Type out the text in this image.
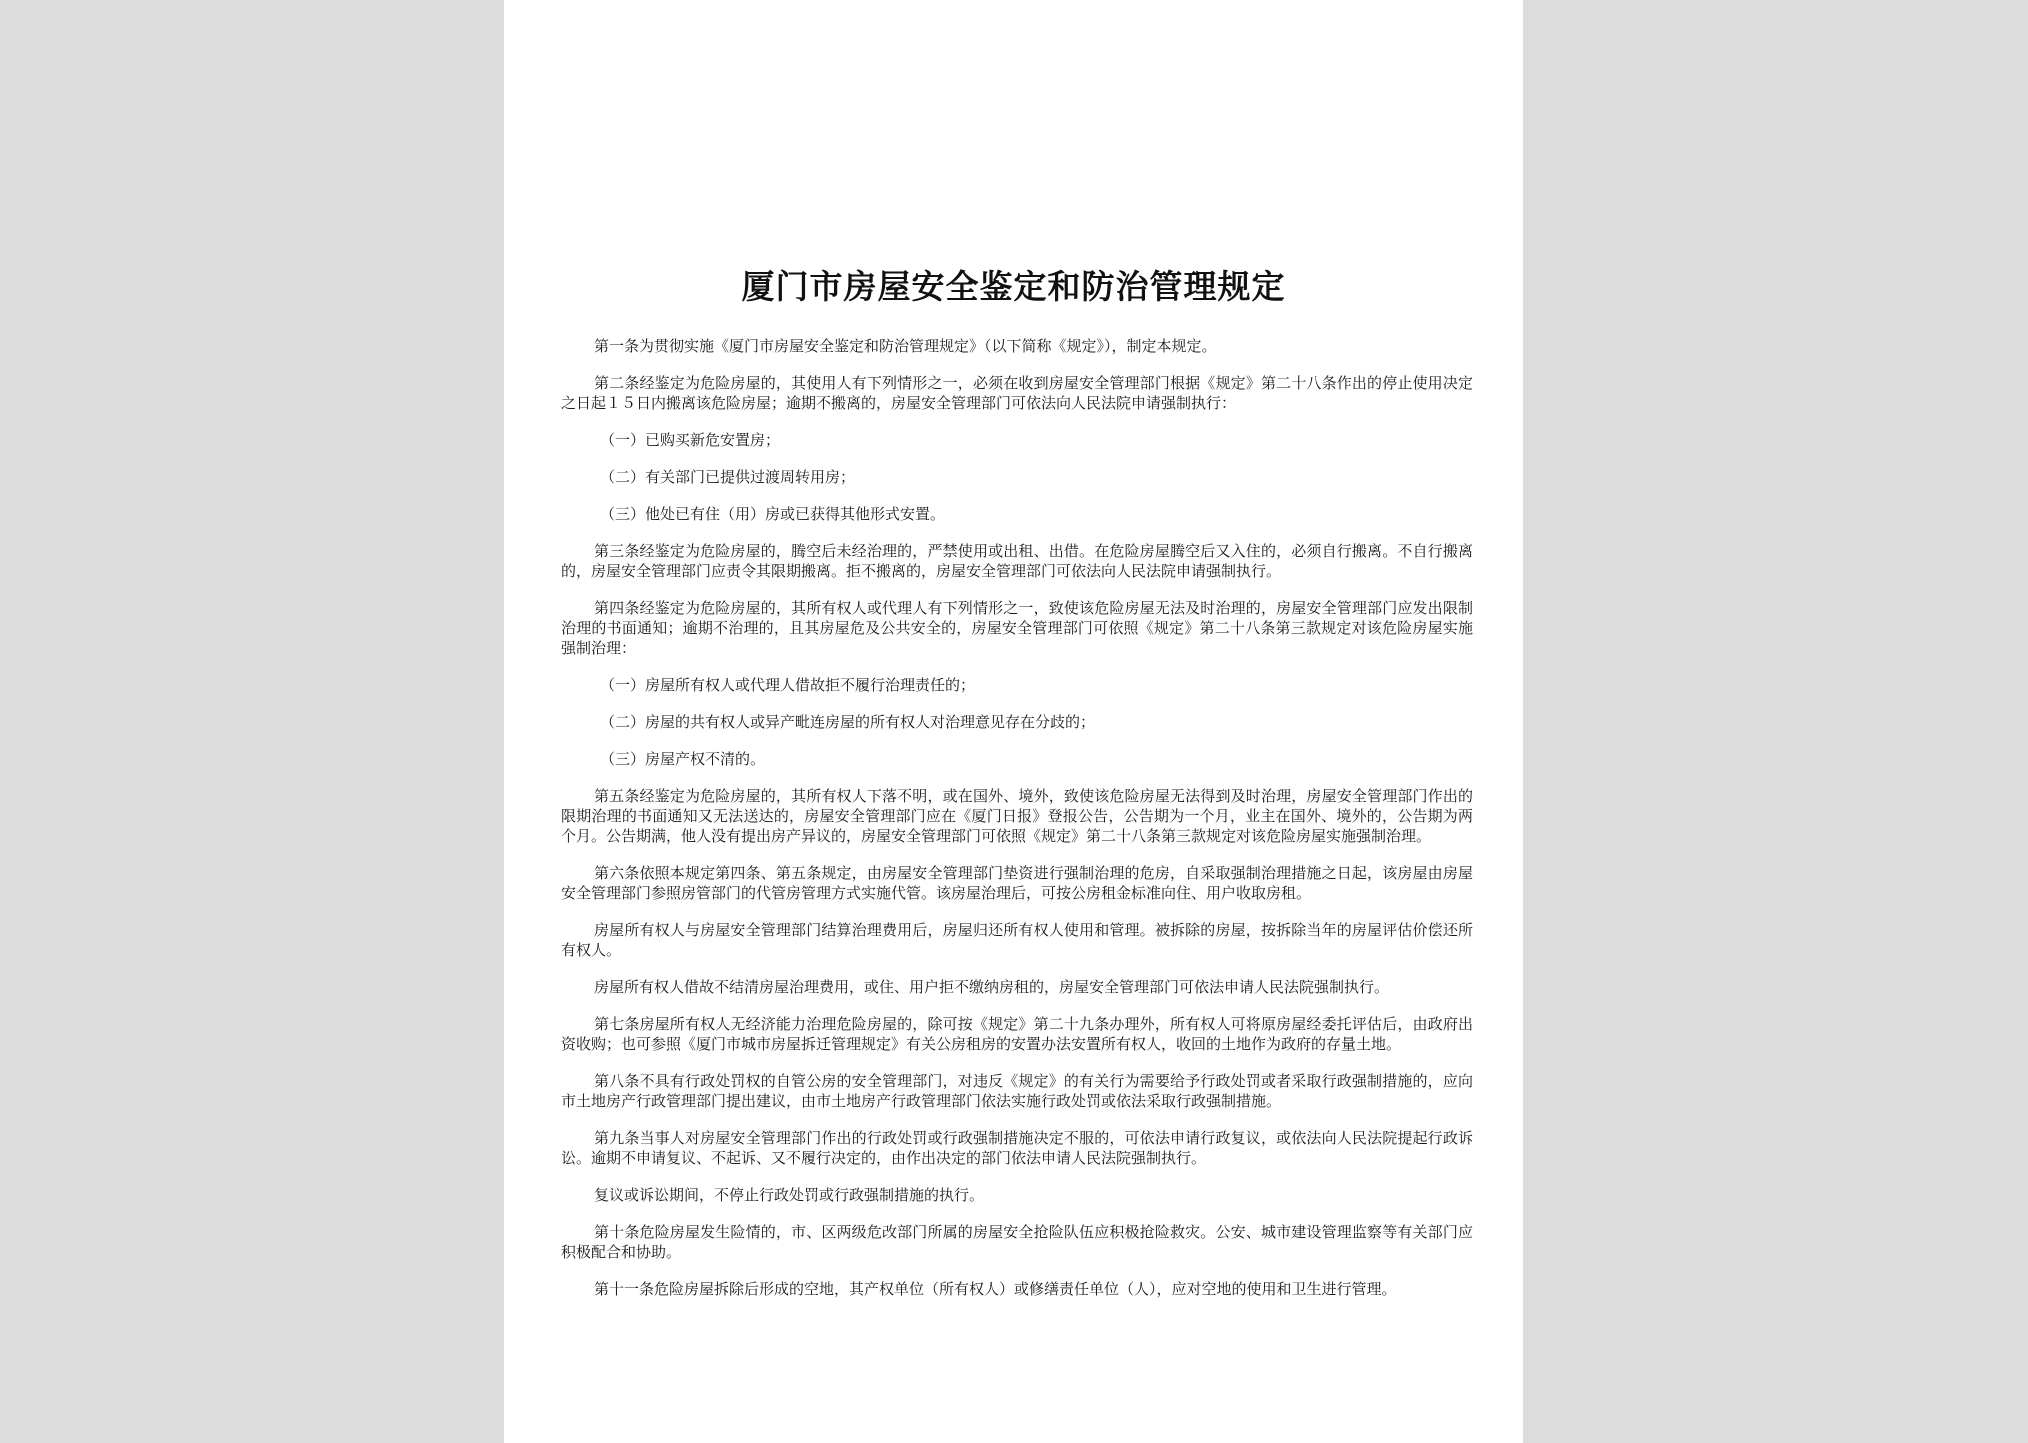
厦门市房屋安全鉴定和防治管理规定

第一条为贯彻实施《厦门市房屋安全鉴定和防治管理规定》（以下简称《规定》），制定本规定。

第二条经鉴定为危险房屋的，其使用人有下列情形之一，必须在收到房屋安全管理部门根据《规定》第二十八条作出的停止使用决定之日起１５日内搬离该危险房屋；逾期不搬离的，房屋安全管理部门可依法向人民法院申请强制执行：

（一）已购买新危安置房；

（二）有关部门已提供过渡周转用房；

（三）他处已有住（用）房或已获得其他形式安置。

第三条经鉴定为危险房屋的，腾空后未经治理的，严禁使用或出租、出借。在危险房屋腾空后又入住的，必须自行搬离。不自行搬离的，房屋安全管理部门应责令其限期搬离。拒不搬离的，房屋安全管理部门可依法向人民法院申请强制执行。

第四条经鉴定为危险房屋的，其所有权人或代理人有下列情形之一，致使该危险房屋无法及时治理的，房屋安全管理部门应发出限制治理的书面通知；逾期不治理的，且其房屋危及公共安全的，房屋安全管理部门可依照《规定》第二十八条第三款规定对该危险房屋实施强制治理：

（一）房屋所有权人或代理人借故拒不履行治理责任的；

（二）房屋的共有权人或异产毗连房屋的所有权人对治理意见存在分歧的；

（三）房屋产权不清的。

第五条经鉴定为危险房屋的，其所有权人下落不明，或在国外、境外，致使该危险房屋无法得到及时治理，房屋安全管理部门作出的限期治理的书面通知又无法送达的，房屋安全管理部门应在《厦门日报》登报公告，公告期为一个月，业主在国外、境外的，公告期为两个月。公告期满，他人没有提出房产异议的，房屋安全管理部门可依照《规定》第二十八条第三款规定对该危险房屋实施强制治理。

第六条依照本规定第四条、第五条规定，由房屋安全管理部门垫资进行强制治理的危房，自采取强制治理措施之日起，该房屋由房屋安全管理部门参照房管部门的代管房管理方式实施代管。该房屋治理后，可按公房租金标准向住、用户收取房租。

房屋所有权人与房屋安全管理部门结算治理费用后，房屋归还所有权人使用和管理。被拆除的房屋，按拆除当年的房屋评估价偿还所有权人。

房屋所有权人借故不结清房屋治理费用，或住、用户拒不缴纳房租的，房屋安全管理部门可依法申请人民法院强制执行。

第七条房屋所有权人无经济能力治理危险房屋的，除可按《规定》第二十九条办理外，所有权人可将原房屋经委托评估后，由政府出资收购；也可参照《厦门市城市房屋拆迁管理规定》有关公房租房的安置办法安置所有权人，收回的土地作为政府的存量土地。

第八条不具有行政处罚权的自管公房的安全管理部门，对违反《规定》的有关行为需要给予行政处罚或者采取行政强制措施的，应向市土地房产行政管理部门提出建议，由市土地房产行政管理部门依法实施行政处罚或依法采取行政强制措施。

第九条当事人对房屋安全管理部门作出的行政处罚或行政强制措施决定不服的，可依法申请行政复议，或依法向人民法院提起行政诉讼。逾期不申请复议、不起诉、又不履行决定的，由作出决定的部门依法申请人民法院强制执行。

复议或诉讼期间，不停止行政处罚或行政强制措施的执行。

第十条危险房屋发生险情的，市、区两级危改部门所属的房屋安全抢险队伍应积极抢险救灾。公安、城市建设管理监察等有关部门应积极配合和协助。

第十一条危险房屋拆除后形成的空地，其产权单位（所有权人）或修缮责任单位（人），应对空地的使用和卫生进行管理。
